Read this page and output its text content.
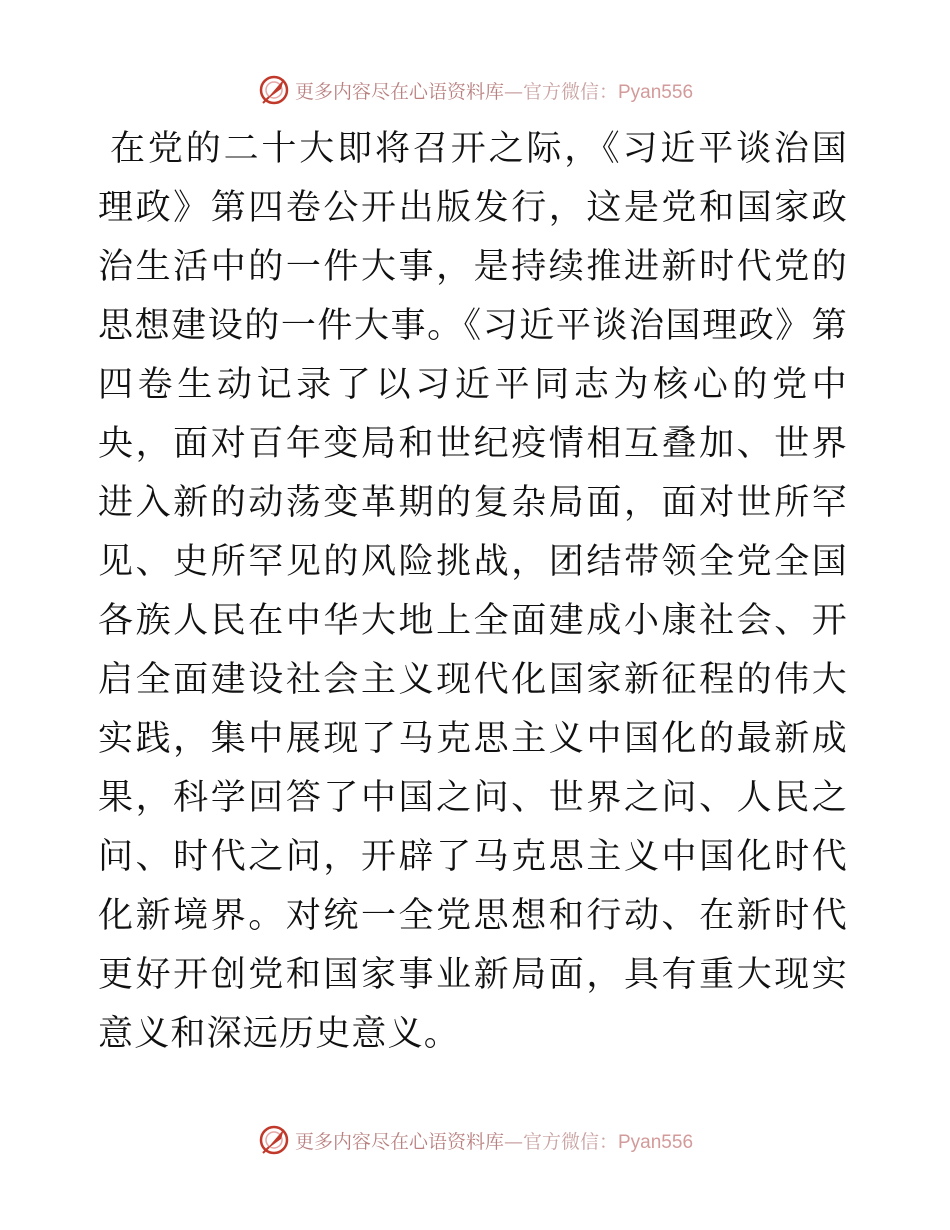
更多内容尽在心语资料库—官方微信：Pyan556

在党的二十大即将召开之际，《习近平谈治国理政》第四卷公开出版发行，这是党和国家政治生活中的一件大事，是持续推进新时代党的思想建设的一件大事。《习近平谈治国理政》第四卷生动记录了以习近平同志为核心的党中央，面对百年变局和世纪疫情相互叠加、世界进入新的动荡变革期的复杂局面，面对世所罕见、史所罕见的风险挑战，团结带领全党全国各族人民在中华大地上全面建成小康社会、开启全面建设社会主义现代化国家新征程的伟大实践，集中展现了马克思主义中国化的最新成果，科学回答了中国之问、世界之问、人民之问、时代之问，开辟了马克思主义中国化时代化新境界。对统一全党思想和行动、在新时代更好开创党和国家事业新局面，具有重大现实意义和深远历史意义。

更多内容尽在心语资料库—官方微信：Pyan556
